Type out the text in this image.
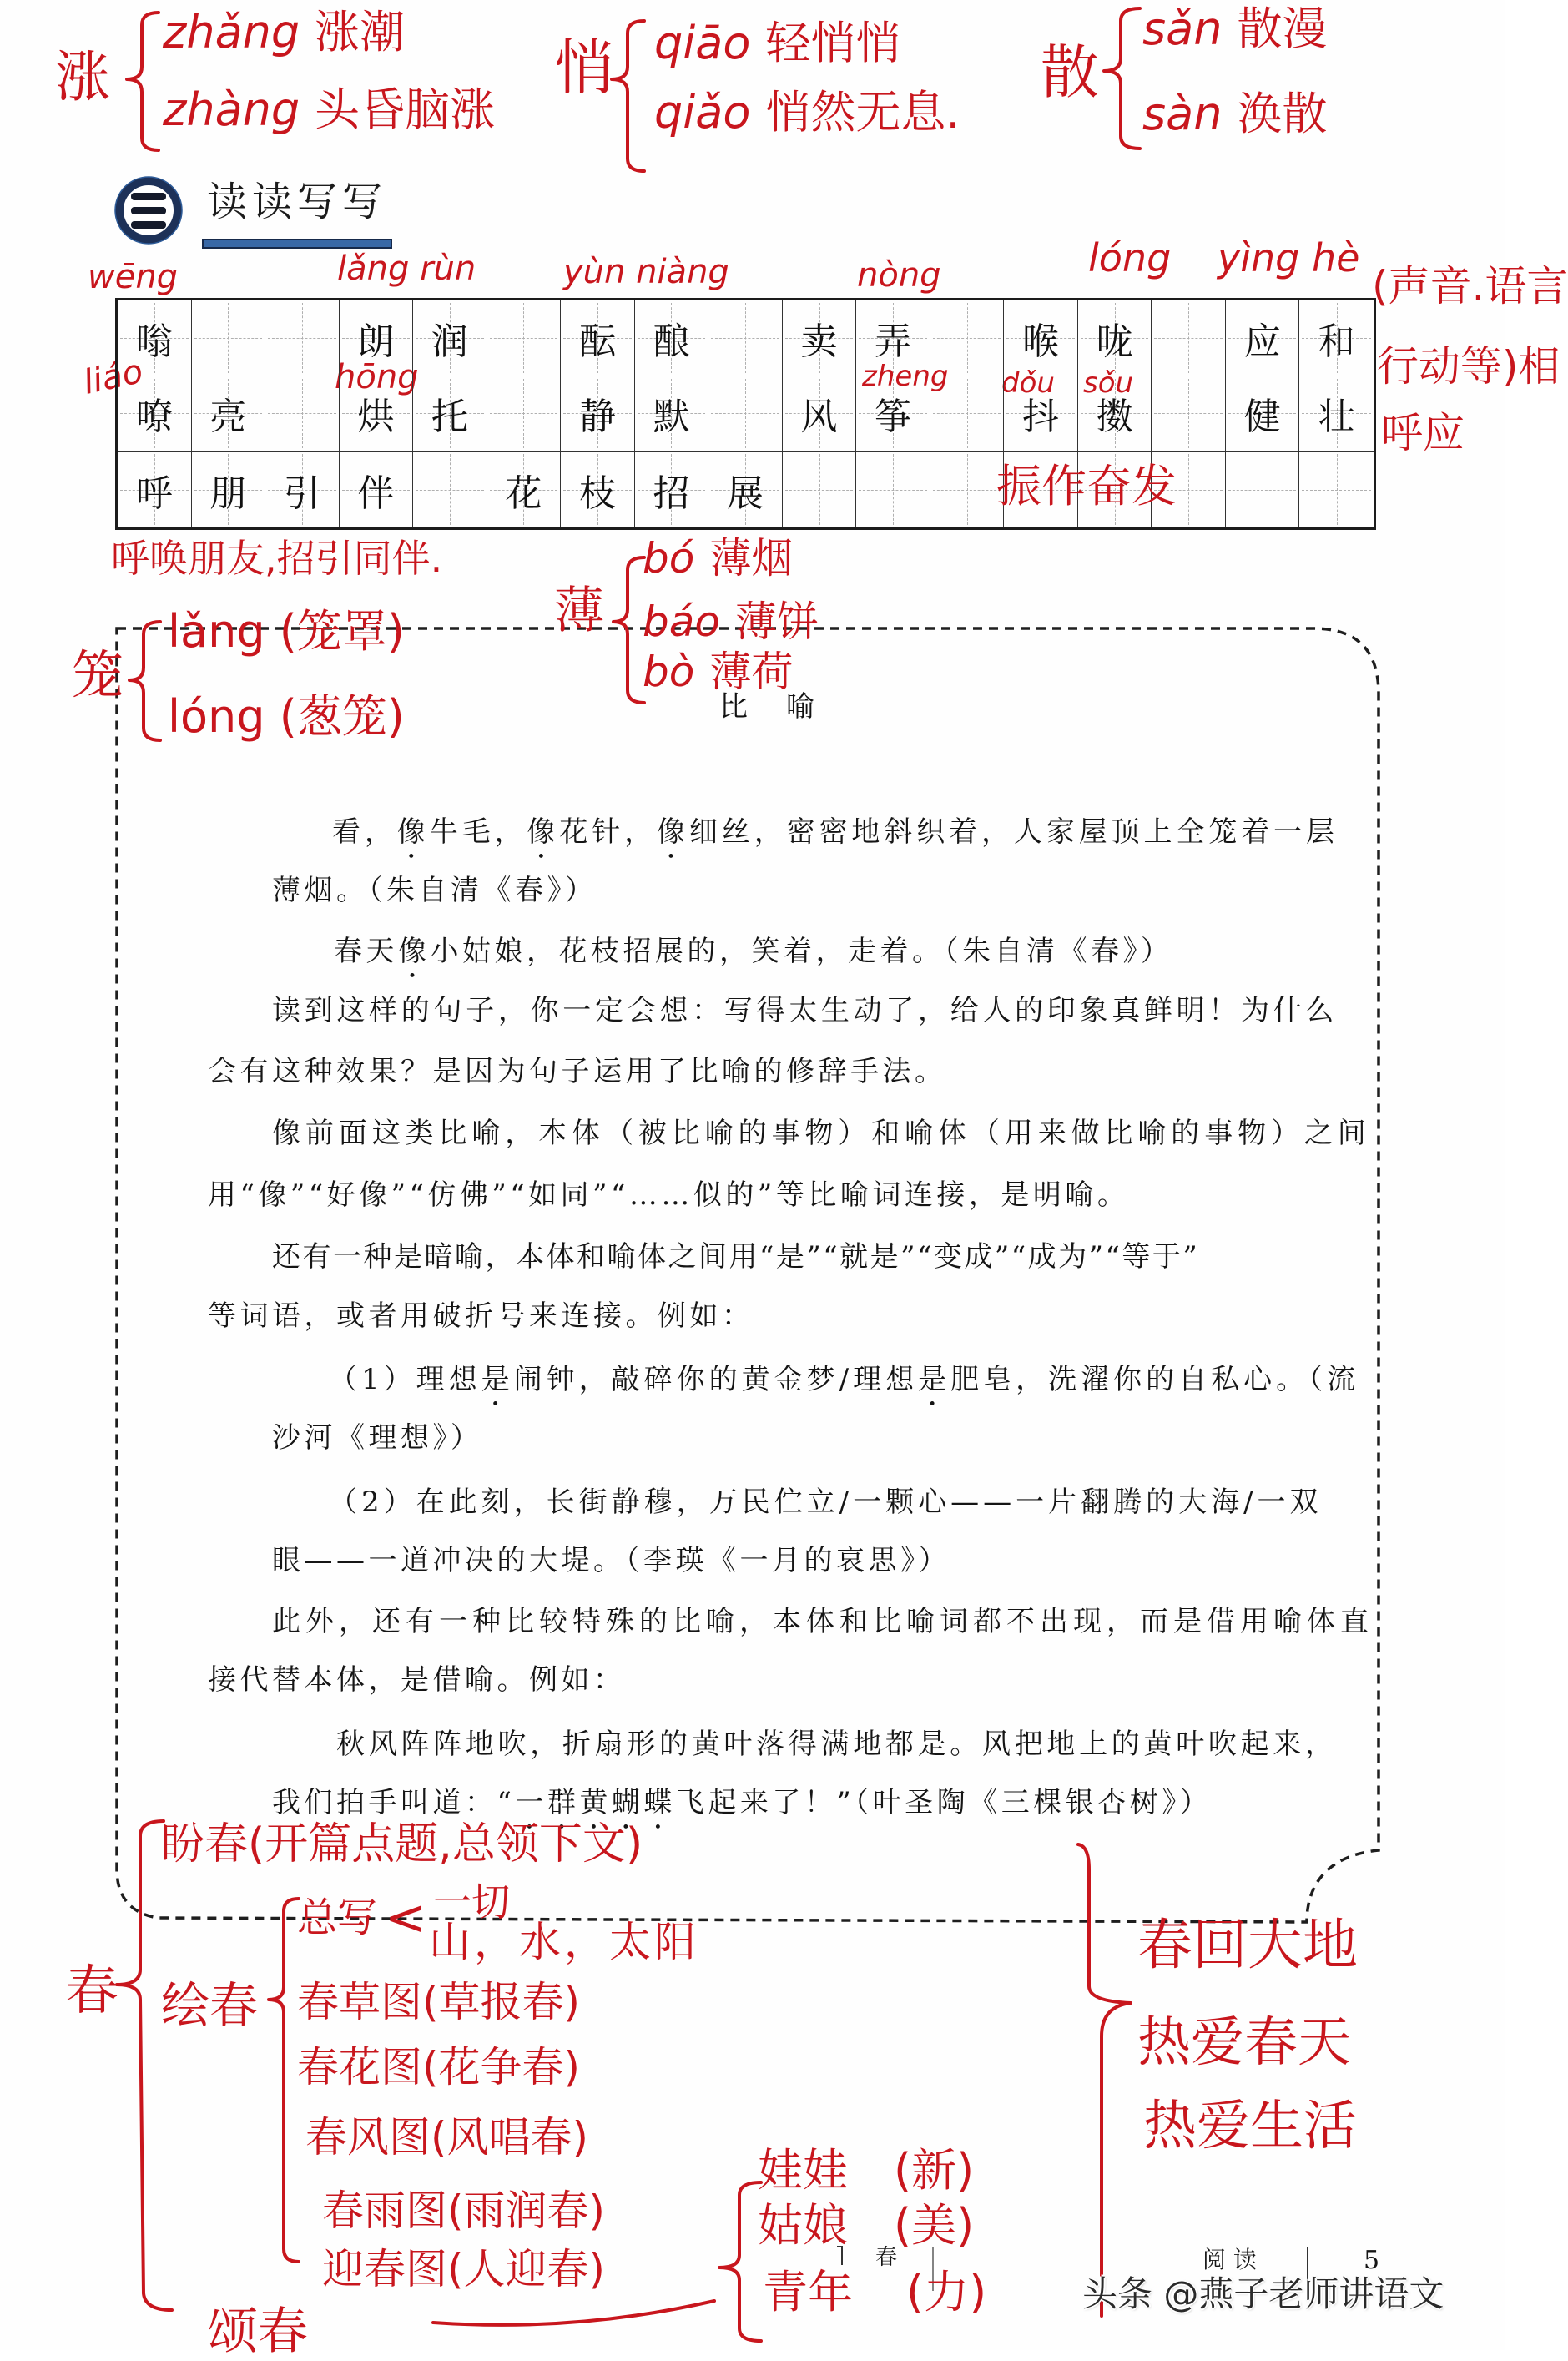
涨
zhǎng 涨潮
zhàng 头昏脑涨
悄 qiāo 轻悄悄
qiǎo 悄然无息.
散
sǎn 散漫
sàn 涣散
读读写写
wēng	lǎng rùn	yùn niàng	nòng	lóng yìng hè
liáo	hōng	zheng dǒu sǒu
嗡	朗 润	酝 酿	卖 弄	喉 咙	应 和
嘹 亮	烘 托	静 默	风 筝	抖 擞	健 壮
呼 朋 引 伴	花 枝 招 展	振作奋发
(声音.语言
行动等)相
呼应
呼唤朋友,招引同伴.
笼
lǎng (笼罩)
lóng (葱笼)
薄
bó 薄烟
báo 薄饼
bò 薄荷
比　喻
看，像牛毛，像花针，像细丝，密密地斜织着，人家屋顶上全笼着一层
薄烟。（朱自清《春》）
春天像小姑娘，花枝招展的，笑着，走着。（朱自清《春》）
读到这样的句子，你一定会想：写得太生动了，给人的印象真鲜明！为什么
会有这种效果？是因为句子运用了比喻的修辞手法。
像前面这类比喻，本体（被比喻的事物）和喻体（用来做比喻的事物）之间
用“像”“好像”“仿佛”“如同”“……似的”等比喻词连接，是明喻。
还有一种是暗喻，本体和喻体之间用“是”“就是”“变成”“成为”“等于”
等词语，或者用破折号来连接。例如：
（1）理想是闹钟，敲碎你的黄金梦/理想是肥皂，洗濯你的自私心。（流
沙河《理想》）
（2）在此刻，长街静穆，万民伫立/一颗心——一片翻腾的大海/一双
眼——一道冲决的大堤。（李瑛《一月的哀思》）
此外，还有一种比较特殊的比喻，本体和比喻词都不出现，而是借用喻体直
接代替本体，是借喻。例如：
秋风阵阵地吹，折扇形的黄叶落得满地都是。风把地上的黄叶吹起来，
我们拍手叫道：“一群黄蝴蝶飞起来了！”（叶圣陶《三棵银杏树》）
盼春(开篇点题,总领下文)
春
总写 < 一切
山，水，太阳
绘春 春草图(草报春)
春花图(花争春)
春风图(风唱春)
春雨图(雨润春)
迎春图(人迎春)
颂春
娃娃 (新)
姑娘 (美)
青年 (力)
春回大地
热爱春天
热爱生活
春	阅 读	5
头条 @燕子老师讲语文
